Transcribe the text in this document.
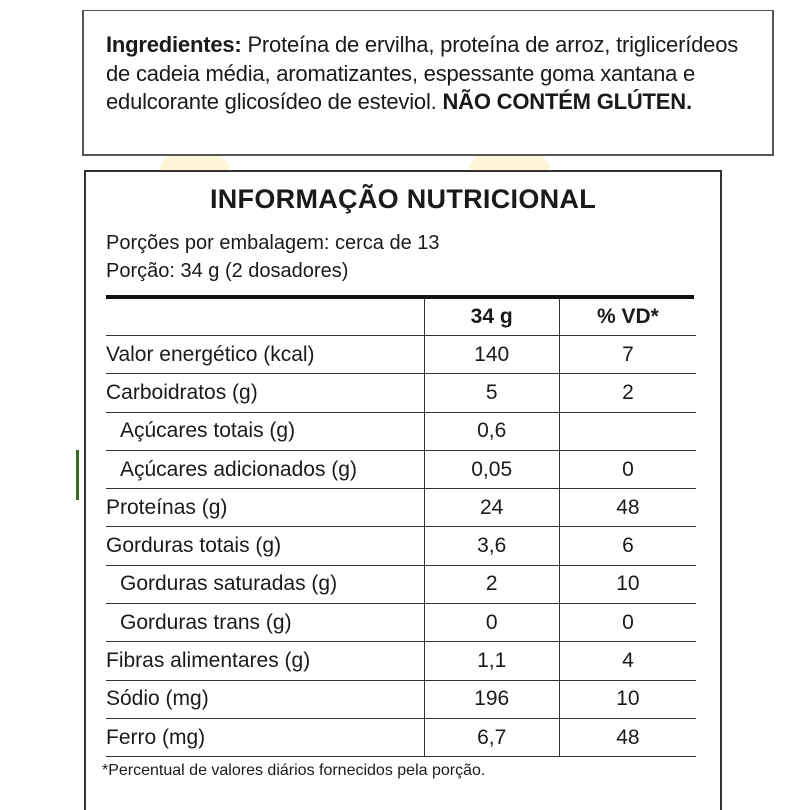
Ingredientes: Proteína de ervilha, proteína de arroz, triglicerídeos de cadeia média, aromatizantes, espessante goma xantana e edulcorante glicosídeo de esteviol. NÃO CONTÉM GLÚTEN.
INFORMAÇÃO NUTRICIONAL
Porções por embalagem: cerca de 13
Porção: 34 g (2 dosadores)
	34 g	% VD*
Valor energético (kcal)	140	7
Carboidratos (g)	5	2
Açúcares totais (g)	0,6	
Açúcares adicionados (g)	0,05	0
Proteínas (g)	24	48
Gorduras totais (g)	3,6	6
Gorduras saturadas (g)	2	10
Gorduras trans (g)	0	0
Fibras alimentares (g)	1,1	4
Sódio (mg)	196	10
Ferro (mg)	6,7	48
*Percentual de valores diários fornecidos pela porção.
